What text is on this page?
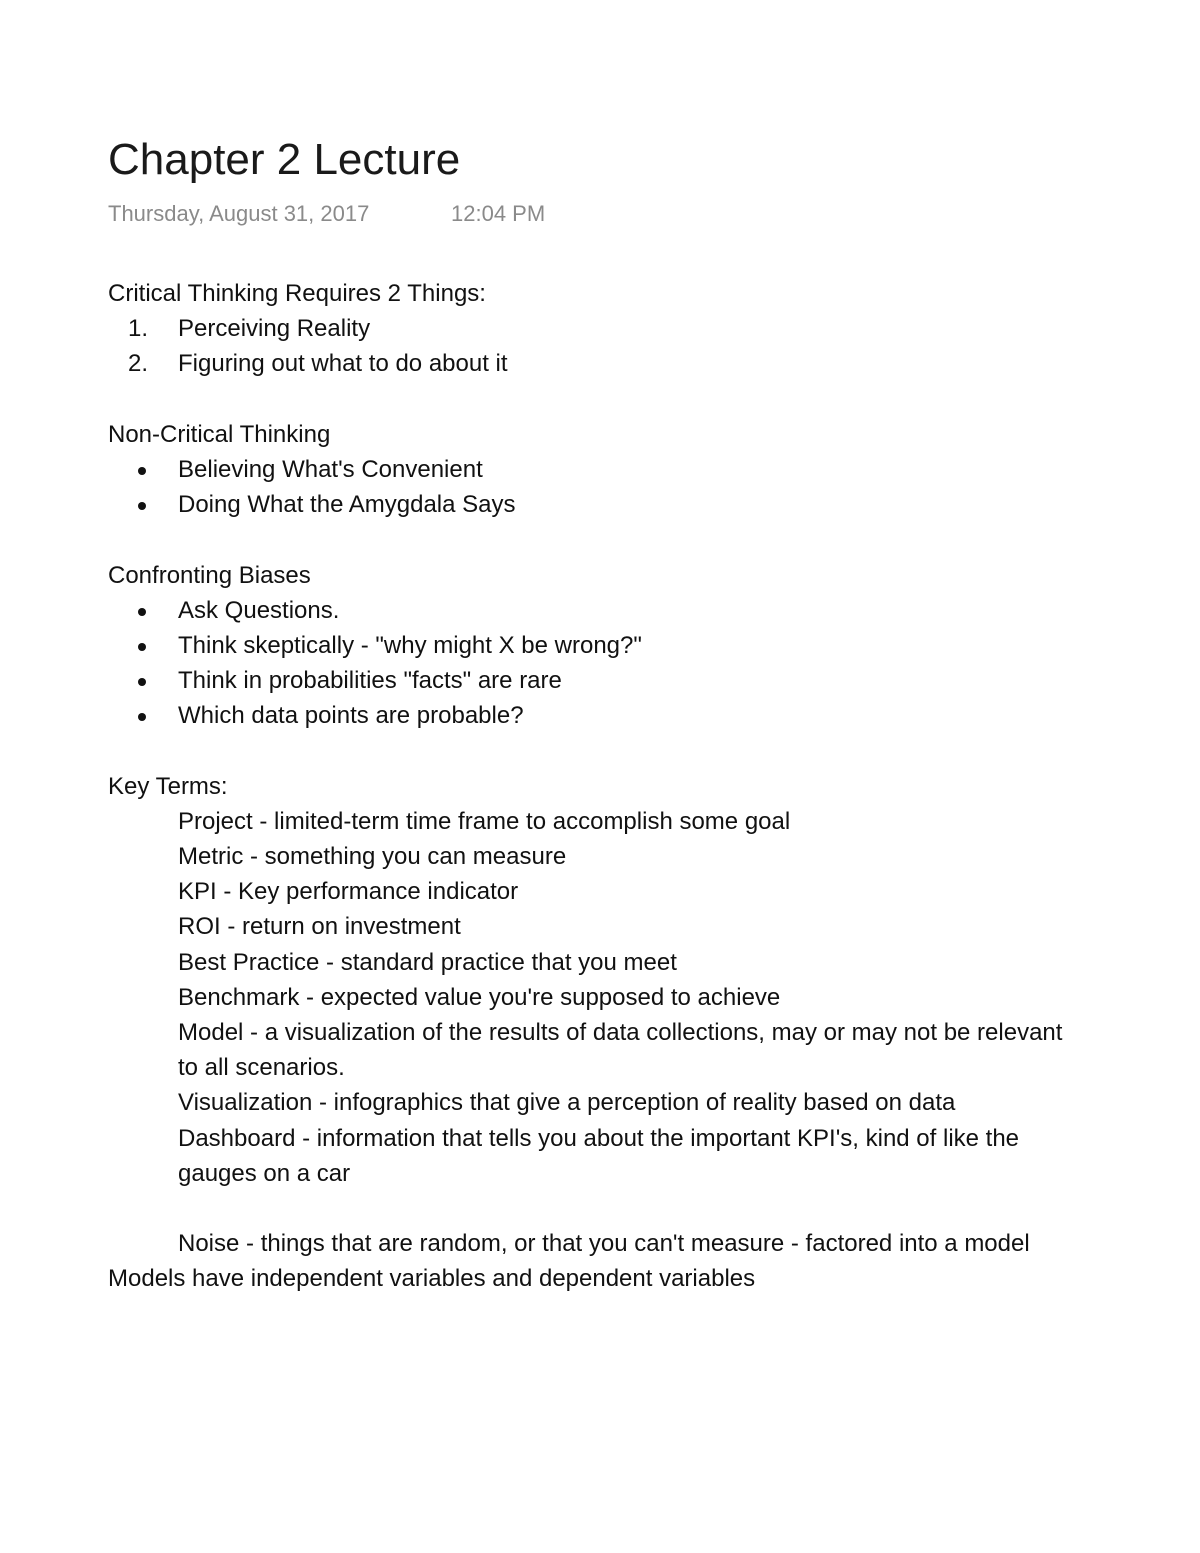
Chapter 2 Lecture
Thursday, August 31, 2017	12:04 PM
Critical Thinking Requires 2 Things:
1. Perceiving Reality
2. Figuring out what to do about it
Non-Critical Thinking
Believing What's Convenient
Doing What the Amygdala Says
Confronting Biases
Ask Questions.
Think skeptically - "why might X be wrong?"
Think in probabilities "facts" are rare
Which data points are probable?
Key Terms:
Project - limited-term time frame to accomplish some goal
Metric - something you can measure
KPI - Key performance indicator
ROI - return on investment
Best Practice - standard practice that you meet
Benchmark - expected value you're supposed to achieve
Model - a visualization of the results of data collections, may or may not be relevant to all scenarios.
Visualization - infographics that give a perception of reality based on data
Dashboard - information that tells you about the important KPI's, kind of like the gauges on a car
Noise - things that are random, or that you can't measure - factored into a model
Models have independent variables and dependent variables
